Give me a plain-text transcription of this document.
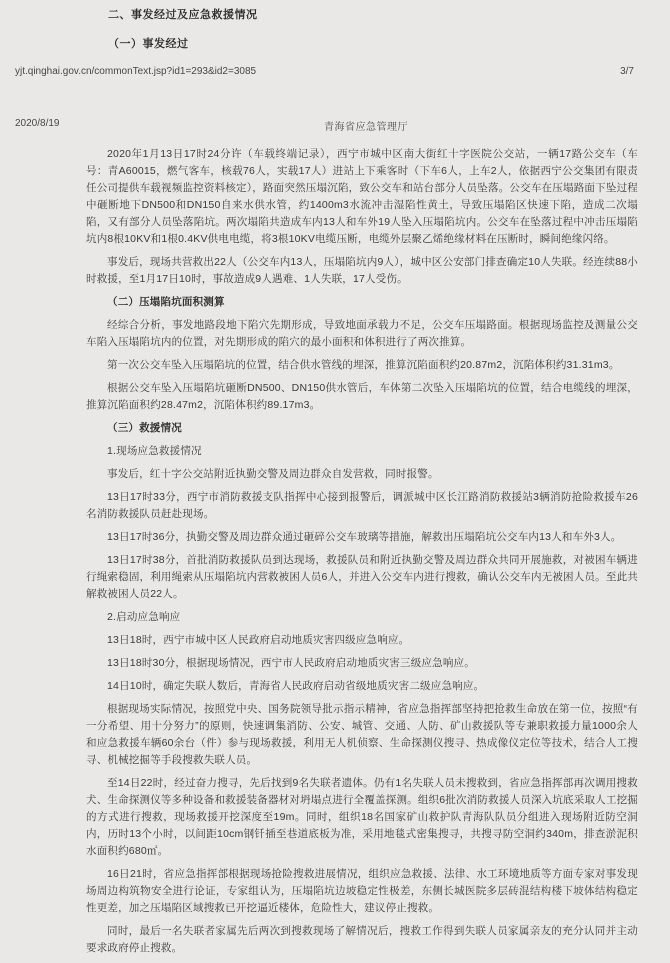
二、事发经过及应急救援情况

（一）事发经过

yjt.qinghai.gov.cn/commonText.jsp?id1=293&id2=3085	3/7
2020/8/19	青海省应急管理厅

2020年1月13日17时24分许（车载终端记录），西宁市城中区南大街红十字医院公交站，一辆17路公交车（车号：青A60015，燃气客车，核载76人，实载17人）进站上下乘客时（下车6人，上车2人，依据西宁公交集团有限责任公司提供车载视频监控资料核定），路面突然压塌沉陷，致公交车和站台部分人员坠落。公交车在压塌路面下坠过程中砸断地下DN500和DN150自来水供水管，约1400m3水流冲击湿陷性黄土，导致压塌陷区快速下陷，造成二次塌陷，又有部分人员坠落陷坑。两次塌陷共造成车内13人和车外19人坠入压塌陷坑内。公交车在坠落过程中冲击压塌陷坑内8根10KV和1根0.4KV供电电缆，将3根10KV电缆压断，电缆外层聚乙烯绝缘材料在压断时，瞬间绝缘闪络。

事发后，现场共营救出22人（公交车内13人，压塌陷坑内9人），城中区公安部门排查确定10人失联。经连续88小时救援，至1月17日10时，事故造成9人遇难、1人失联，17人受伤。

（二）压塌陷坑面积测算

经综合分析，事发地路段地下陷穴先期形成，导致地面承载力不足，公交车压塌路面。根据现场监控及测量公交车陷入压塌陷坑内的位置，对先期形成的陷穴的最小面积和体积进行了两次推算。

第一次公交车坠入压塌陷坑的位置，结合供水管线的埋深，推算沉陷面积约20.87m2，沉陷体积约31.31m3。

根据公交车坠入压塌陷坑砸断DN500、DN150供水管后，车体第二次坠入压塌陷坑的位置，结合电缆线的埋深，推算沉陷面积约28.47m2，沉陷体积约89.17m3。

（三）救援情况

1.现场应急救援情况

事发后，红十字公交站附近执勤交警及周边群众自发营救，同时报警。

13日17时33分，西宁市消防救援支队指挥中心接到报警后，调派城中区长江路消防救援站3辆消防抢险救援车26名消防救援队员赶赴现场。

13日17时36分，执勤交警及周边群众通过砸碎公交车玻璃等措施，解救出压塌陷坑公交车内13人和车外3人。

13日17时38分，首批消防救援队员到达现场，救援队员和附近执勤交警及周边群众共同开展施救，对被困车辆进行绳索稳固，利用绳索从压塌陷坑内营救被困人员6人，并进入公交车内进行搜救，确认公交车内无被困人员。至此共解救被困人员22人。

2.启动应急响应

13日18时，西宁市城中区人民政府启动地质灾害四级应急响应。

13日18时30分，根据现场情况，西宁市人民政府启动地质灾害三级应急响应。

14日10时，确定失联人数后，青海省人民政府启动省级地质灾害二级应急响应。

根据现场实际情况，按照党中央、国务院领导批示指示精神，省应急指挥部坚持把抢救生命放在第一位，按照“有一分希望、用十分努力”的原则，快速调集消防、公安、城管、交通、人防、矿山救援队等专兼职救援力量1000余人和应急救援车辆60余台（件）参与现场救援，利用无人机侦察、生命探测仪搜寻、热成像仪定位等技术，结合人工搜寻、机械挖掘等手段搜救失联人员。

至14日22时，经过奋力搜寻，先后找到9名失联者遗体。仍有1名失联人员未搜救到，省应急指挥部再次调用搜救犬、生命探测仪等多种设备和救援装备器材对坍塌点进行全覆盖探测。组织6批次消防救援人员深入坑底采取人工挖掘的方式进行搜救，现场救援开挖深度至19m。同时，组织18名国家矿山救护队青海队队员分组进入现场附近防空洞内，历时13个小时，以间距10cm钢钎插至巷道底板为准，采用地毯式密集搜寻，共搜寻防空洞约340m，排查淤泥积水面积约680㎡。

16日21时，省应急指挥部根据现场抢险搜救进展情况，组织应急救援、法律、水工环境地质等方面专家对事发现场周边构筑物安全进行论证，专家组认为，压塌陷坑边坡稳定性极差，东侧长城医院多层砖混结构楼下坡体结构稳定性更差，加之压塌陷区域搜救已开挖逼近楼体，危险性大，建议停止搜救。

同时，最后一名失联者家属先后两次到搜救现场了解情况后，搜救工作得到失联人员家属亲友的充分认同并主动要求政府停止搜救。
